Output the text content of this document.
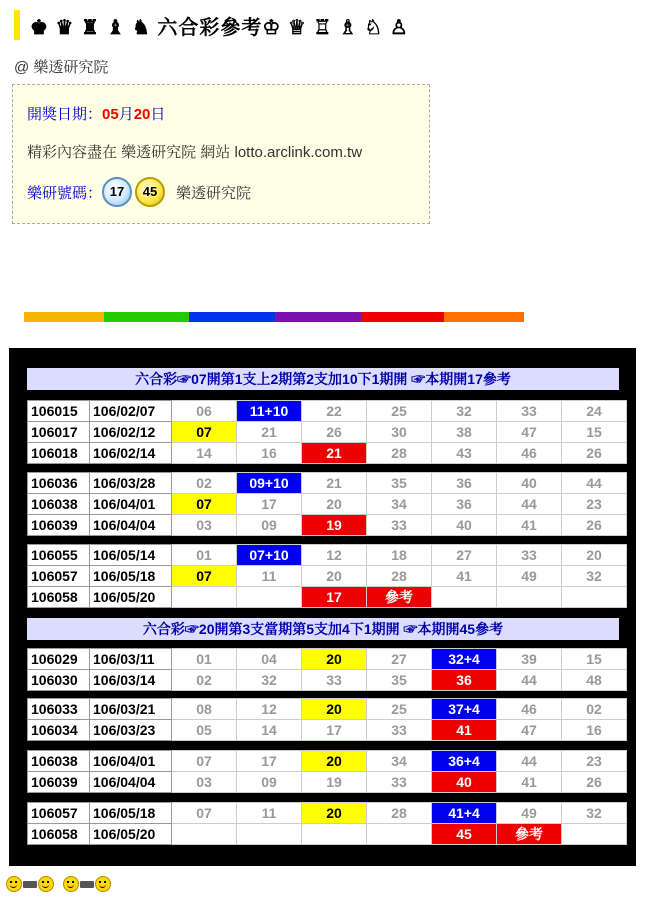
♚ ♛ ♜ ♝ ♞ 六合彩參考♔ ♕ ♖ ♗ ♘ ♙
@ 樂透研究院
開獎日期：05月20日
精彩內容盡在 樂透研究院 網站 lotto.arclink.com.tw
樂研號碼： 17	45	樂透研究院
六合彩☞07開第1支上2期第2支加10下1期開 ☞本期開17參考
106015	106/02/07	06	11+10	22	25	32	33	24
106017	106/02/12	07	21	26	30	38	47	15
106018	106/02/14	14	16	21	28	43	46	26
106036	106/03/28	02	09+10	21	35	36	40	44
106038	106/04/01	07	17	20	34	36	44	23
106039	106/04/04	03	09	19	33	40	41	26
106055	106/05/14	01	07+10	12	18	27	33	20
106057	106/05/18	07	11	20	28	41	49	32
106058	106/05/20			17	參考			
六合彩☞20開第3支當期第5支加4下1期開 ☞本期開45參考
106029	106/03/11	01	04	20	27	32+4	39	15
106030	106/03/14	02	32	33	35	36	44	48
106033	106/03/21	08	12	20	25	37+4	46	02
106034	106/03/23	05	14	17	33	41	47	16
106038	106/04/01	07	17	20	34	36+4	44	23
106039	106/04/04	03	09	19	33	40	41	26
106057	106/05/18	07	11	20	28	41+4	49	32
106058	106/05/20					45	參考	
